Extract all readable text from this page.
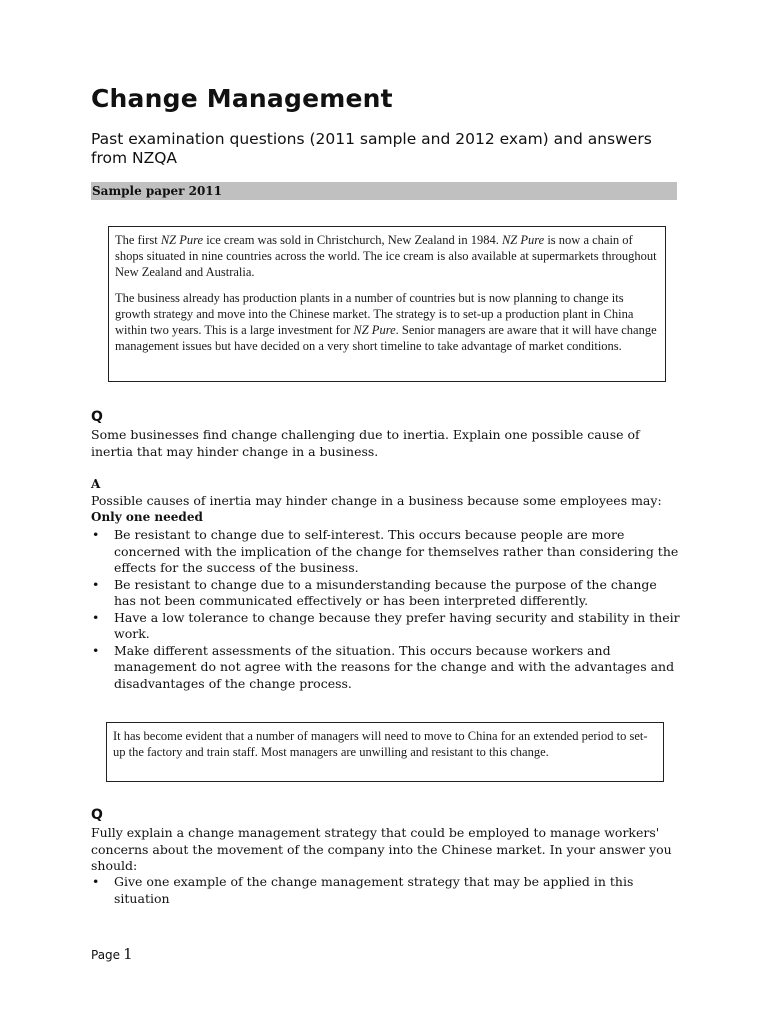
Change Management

Past examination questions (2011 sample and 2012 exam) and answers from NZQA

Sample paper 2011

The first NZ Pure ice cream was sold in Christchurch, New Zealand in 1984. NZ Pure is now a chain of shops situated in nine countries across the world. The ice cream is also available at supermarkets throughout New Zealand and Australia.

The business already has production plants in a number of countries but is now planning to change its growth strategy and move into the Chinese market. The strategy is to set-up a production plant in China within two years. This is a large investment for NZ Pure. Senior managers are aware that it will have change management issues but have decided on a very short timeline to take advantage of market conditions.

Q
Some businesses find change challenging due to inertia. Explain one possible cause of inertia that may hinder change in a business.
A
Possible causes of inertia may hinder change in a business because some employees may:
Only one needed
• Be resistant to change due to self-interest. This occurs because people are more concerned with the implication of the change for themselves rather than considering the effects for the success of the business.
• Be resistant to change due to a misunderstanding because the purpose of the change has not been communicated effectively or has been interpreted differently.
• Have a low tolerance to change because they prefer having security and stability in their work.
• Make different assessments of the situation. This occurs because workers and management do not agree with the reasons for the change and with the advantages and disadvantages of the change process.

It has become evident that a number of managers will need to move to China for an extended period to set-up the factory and train staff. Most managers are unwilling and resistant to this change.

Q
Fully explain a change management strategy that could be employed to manage workers' concerns about the movement of the company into the Chinese market. In your answer you should:
• Give one example of the change management strategy that may be applied in this situation
Page 1
